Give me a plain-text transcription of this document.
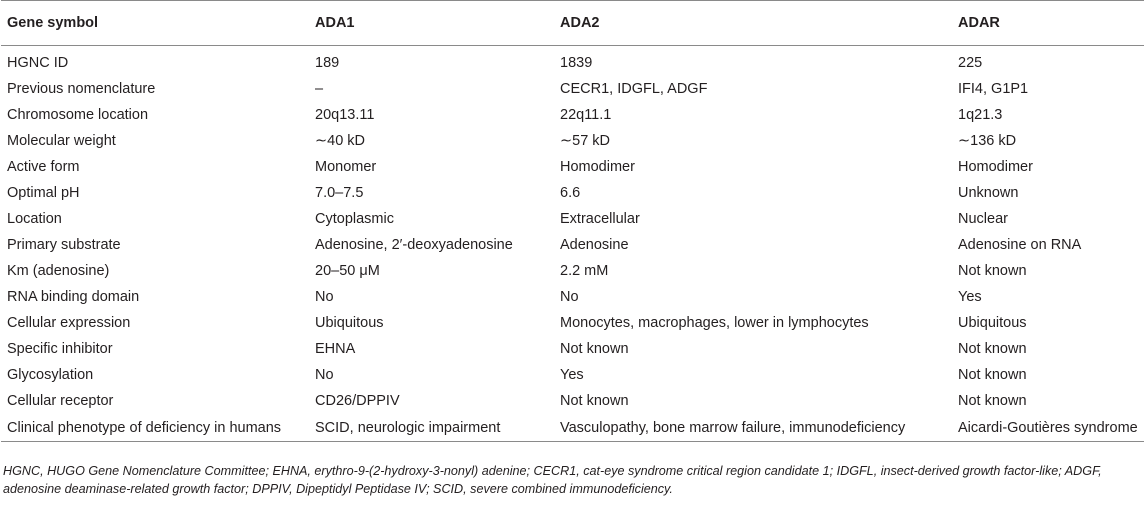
Gene symbol	ADA1	ADA2	ADAR
HGNC ID	189	1839	225
Previous nomenclature	–	CECR1, IDGFL, ADGF	IFI4, G1P1
Chromosome location	20q13.11	22q11.1	1q21.3
Molecular weight	∼40 kD	∼57 kD	∼136 kD
Active form	Monomer	Homodimer	Homodimer
Optimal pH	7.0–7.5	6.6	Unknown
Location	Cytoplasmic	Extracellular	Nuclear
Primary substrate	Adenosine, 2′-deoxyadenosine	Adenosine	Adenosine on RNA
Km (adenosine)	20–50 μM	2.2 mM	Not known
RNA binding domain	No	No	Yes
Cellular expression	Ubiquitous	Monocytes, macrophages, lower in lymphocytes	Ubiquitous
Specific inhibitor	EHNA	Not known	Not known
Glycosylation	No	Yes	Not known
Cellular receptor	CD26/DPPIV	Not known	Not known
Clinical phenotype of deficiency in humans	SCID, neurologic impairment	Vasculopathy, bone marrow failure, immunodeficiency	Aicardi-Goutières syndrome
HGNC, HUGO Gene Nomenclature Committee; EHNA, erythro-9-(2-hydroxy-3-nonyl) adenine; CECR1, cat-eye syndrome critical region candidate 1; IDGFL, insect-derived growth factor-like; ADGF, adenosine deaminase-related growth factor; DPPIV, Dipeptidyl Peptidase IV; SCID, severe combined immunodeficiency.
